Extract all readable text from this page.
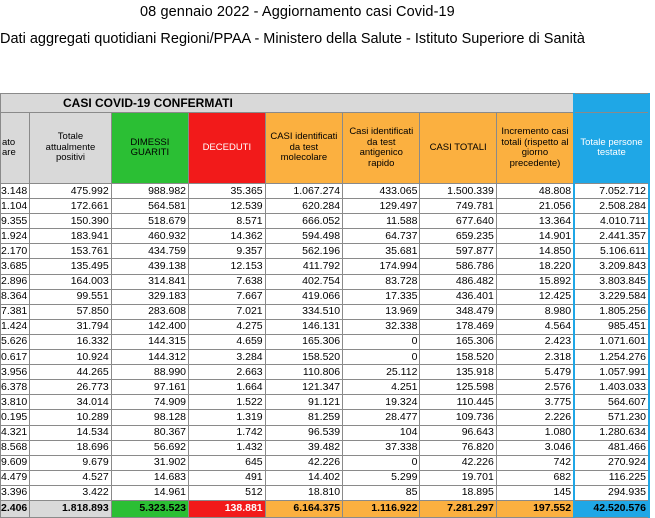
08 gennaio 2022 - Aggiornamento casi Covid-19
Dati aggregati quotidiani Regioni/PPAA - Ministero della Salute - Istituto Superiore di Sanità
CASI COVID-19 CONFERMATI									
ato
are	Totale attualmente positivi	DIMESSI GUARITI	DECEDUTI	CASI identificati da test molecolare	Casi identificati da test antigenico rapido	CASI TOTALI	Incremento casi totali (rispetto al giorno precedente)	Totale persone testate	
3.148	475.992	988.982	35.365	1.067.274	433.065	1.500.339	48.808	7.052.712	
1.104	172.661	564.581	12.539	620.284	129.497	749.781	21.056	2.508.284	
9.355	150.390	518.679	8.571	666.052	11.588	677.640	13.364	4.010.711	
1.924	183.941	460.932	14.362	594.498	64.737	659.235	14.901	2.441.357	
2.170	153.761	434.759	9.357	562.196	35.681	597.877	14.850	5.106.611	
3.685	135.495	439.138	12.153	411.792	174.994	586.786	18.220	3.209.843	
2.896	164.003	314.841	7.638	402.754	83.728	486.482	15.892	3.803.845	
8.364	99.551	329.183	7.667	419.066	17.335	436.401	12.425	3.229.584	
7.381	57.850	283.608	7.021	334.510	13.969	348.479	8.980	1.805.256	
1.424	31.794	142.400	4.275	146.131	32.338	178.469	4.564	985.451	
5.626	16.332	144.315	4.659	165.306	0	165.306	2.423	1.071.601	
0.617	10.924	144.312	3.284	158.520	0	158.520	2.318	1.254.276	
3.956	44.265	88.990	2.663	110.806	25.112	135.918	5.479	1.057.991	
6.378	26.773	97.161	1.664	121.347	4.251	125.598	2.576	1.403.033	
3.810	34.014	74.909	1.522	91.121	19.324	110.445	3.775	564.607	
0.195	10.289	98.128	1.319	81.259	28.477	109.736	2.226	571.230	
4.321	14.534	80.367	1.742	96.539	104	96.643	1.080	1.280.634	
8.568	18.696	56.692	1.432	39.482	37.338	76.820	3.046	481.466	
9.609	9.679	31.902	645	42.226	0	42.226	742	270.924	
4.479	4.527	14.683	491	14.402	5.299	19.701	682	116.225	
3.396	3.422	14.961	512	18.810	85	18.895	145	294.935	
2.406	1.818.893	5.323.523	138.881	6.164.375	1.116.922	7.281.297	197.552	42.520.576	
